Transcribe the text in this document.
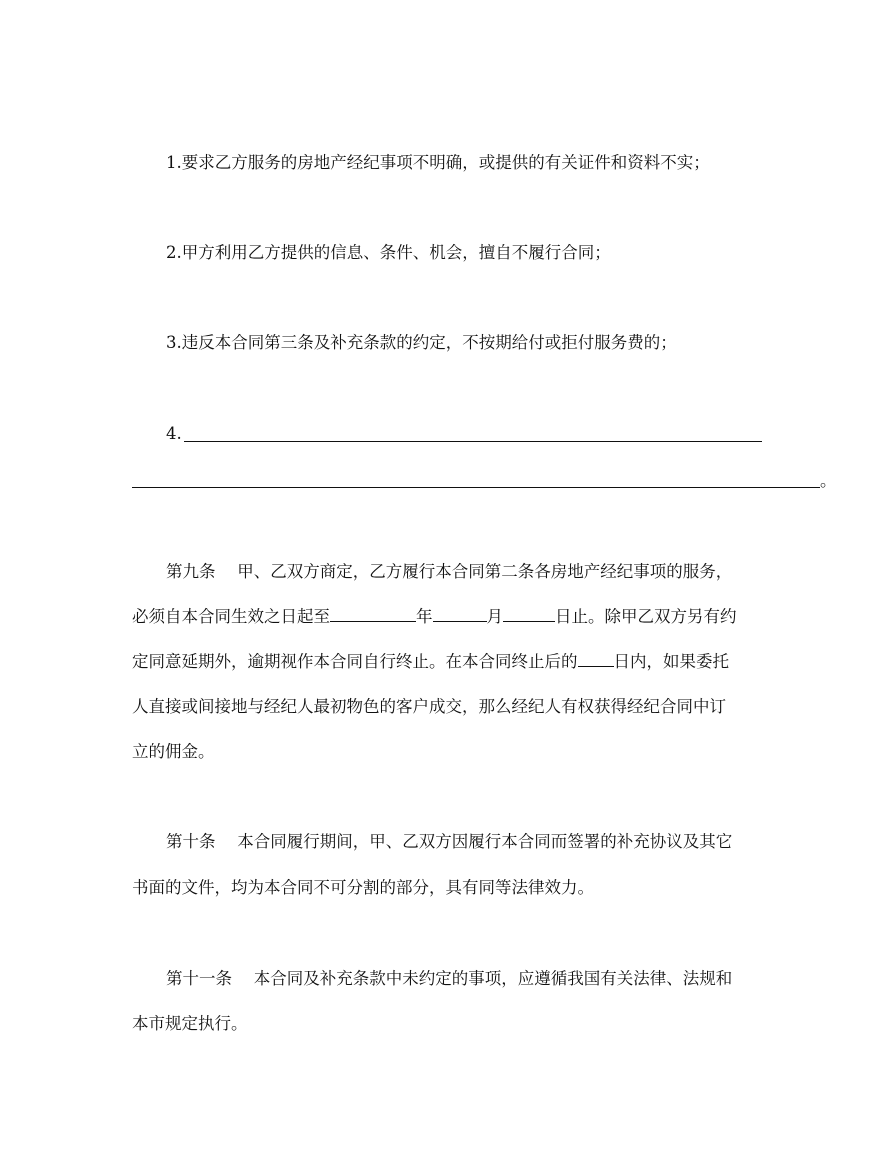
1.要求乙方服务的房地产经纪事项不明确，或提供的有关证件和资料不实；
2.甲方利用乙方提供的信息、条件、机会，擅自不履行合同；
3.违反本合同第三条及补充条款的约定，不按期给付或拒付服务费的；
4.
。
第九条　 甲、乙双方商定，乙方履行本合同第二条各房地产经纪事项的服务，
必须自本合同生效之日起至	年	月	日止。除甲乙双方另有约
定同意延期外，逾期视作本合同自行终止。在本合同终止后的 日内，如果委托
人直接或间接地与经纪人最初物色的客户成交，那么经纪人有权获得经纪合同中订
立的佣金。
第十条　 本合同履行期间，甲、乙双方因履行本合同而签署的补充协议及其它
书面的文件，均为本合同不可分割的部分，具有同等法律效力。
第十一条　 本合同及补充条款中未约定的事项，应遵循我国有关法律、法规和
本市规定执行。
